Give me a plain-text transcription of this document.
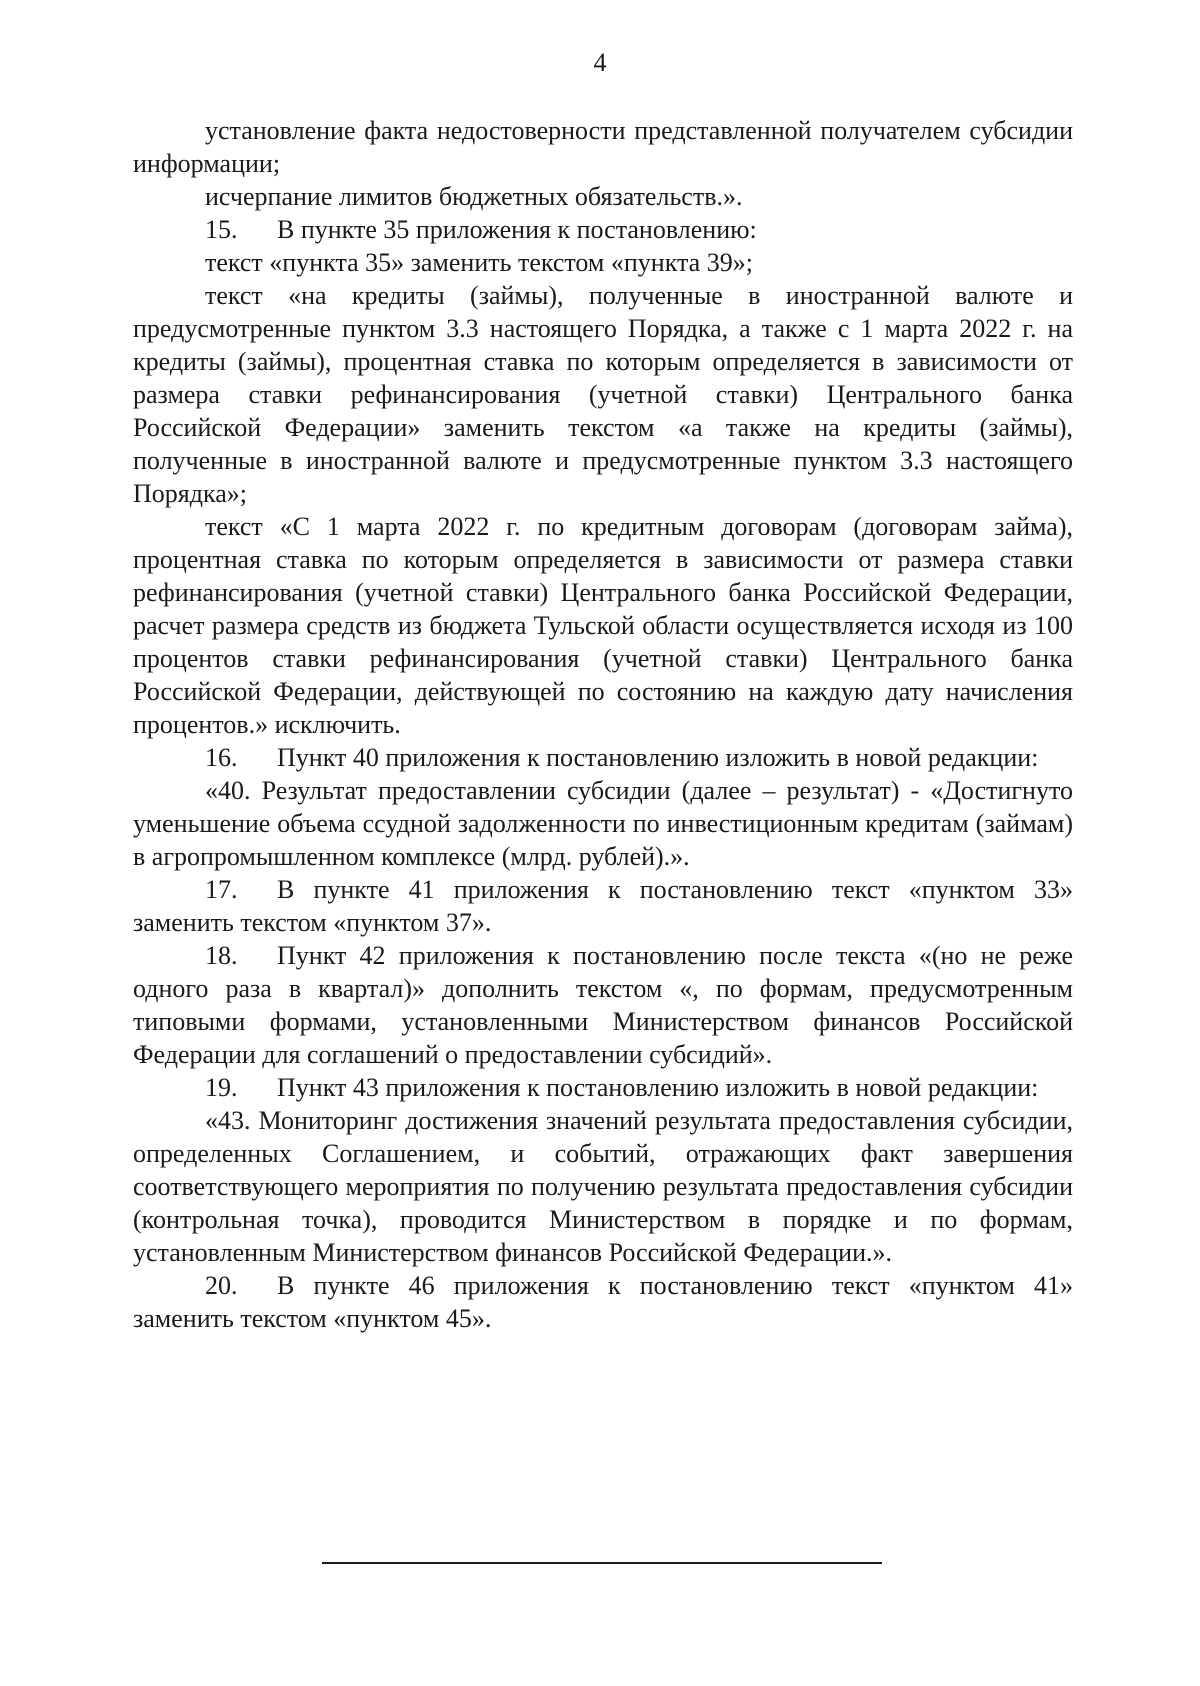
4

установление факта недостоверности представленной получателем субсидии информации;

исчерпание лимитов бюджетных обязательств.».

15. В пункте 35 приложения к постановлению:

текст «пункта 35» заменить текстом «пункта 39»;

текст «на кредиты (займы), полученные в иностранной валюте и предусмотренные пунктом 3.3 настоящего Порядка, а также с 1 марта 2022 г. на кредиты (займы), процентная ставка по которым определяется в зависимости от размера ставки рефинансирования (учетной ставки) Центрального банка Российской Федерации» заменить текстом «а также на кредиты (займы), полученные в иностранной валюте и предусмотренные пунктом 3.3 настоящего Порядка»;

текст «С 1 марта 2022 г. по кредитным договорам (договорам займа), процентная ставка по которым определяется в зависимости от размера ставки рефинансирования (учетной ставки) Центрального банка Российской Федерации, расчет размера средств из бюджета Тульской области осуществляется исходя из 100 процентов ставки рефинансирования (учетной ставки) Центрального банка Российской Федерации, действующей по состоянию на каждую дату начисления процентов.» исключить.

16. Пункт 40 приложения к постановлению изложить в новой редакции:

«40. Результат предоставлении субсидии (далее – результат) - «Достигнуто уменьшение объема ссудной задолженности по инвестиционным кредитам (займам) в агропромышленном комплексе (млрд. рублей).».

17. В пункте 41 приложения к постановлению текст «пунктом 33» заменить текстом «пунктом 37».

18. Пункт 42 приложения к постановлению после текста «(но не реже одного раза в квартал)» дополнить текстом «, по формам, предусмотренным типовыми формами, установленными Министерством финансов Российской Федерации для соглашений о предоставлении субсидий».

19. Пункт 43 приложения к постановлению изложить в новой редакции:

«43. Мониторинг достижения значений результата предоставления субсидии, определенных Соглашением, и событий, отражающих факт завершения соответствующего мероприятия по получению результата предоставления субсидии (контрольная точка), проводится Министерством в порядке и по формам, установленным Министерством финансов Российской Федерации.».

20. В пункте 46 приложения к постановлению текст «пунктом 41» заменить текстом «пунктом 45».
